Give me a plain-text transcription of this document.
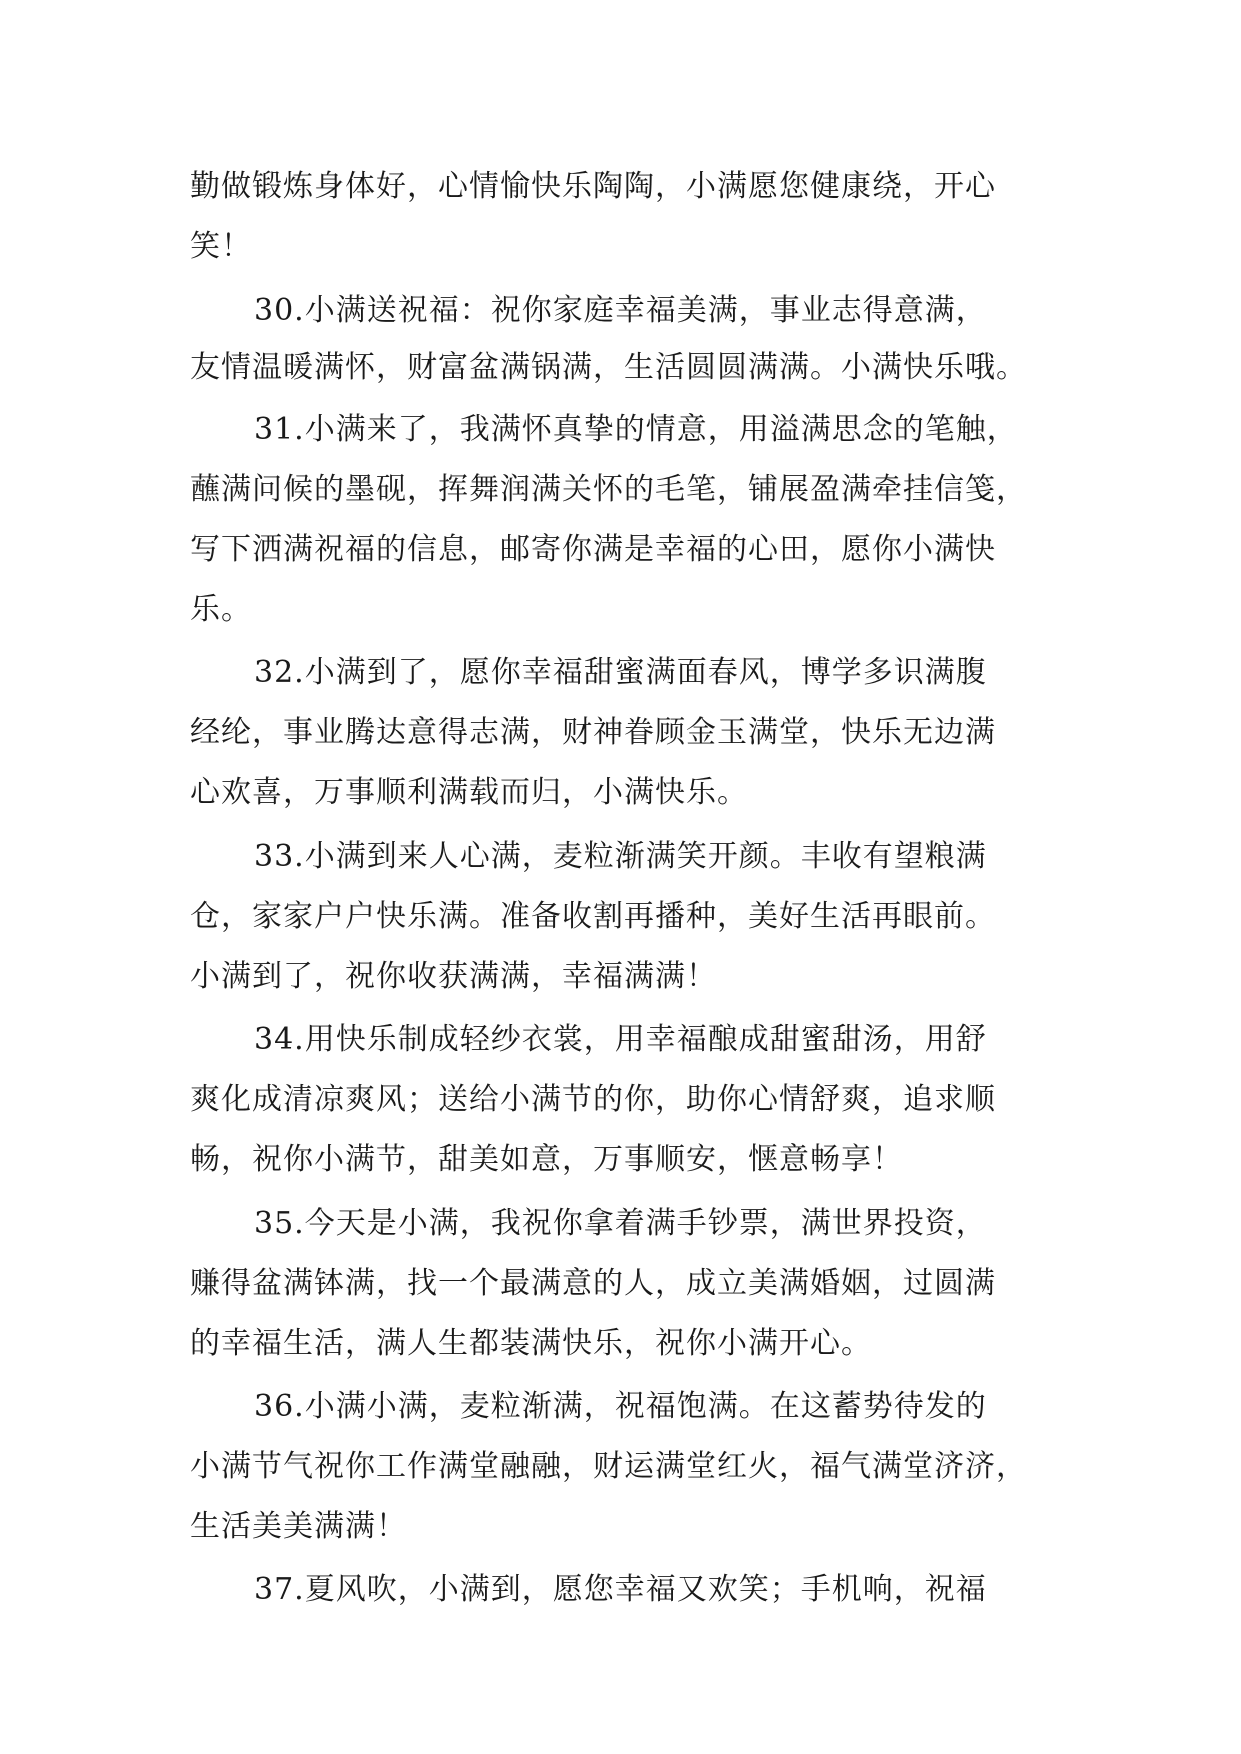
勤做锻炼身体好，心情愉快乐陶陶，小满愿您健康绕，开心
笑！
30.小满送祝福：祝你家庭幸福美满，事业志得意满，
友情温暖满怀，财富盆满锅满，生活圆圆满满。小满快乐哦。
31.小满来了，我满怀真挚的情意，用溢满思念的笔触，
蘸满问候的墨砚，挥舞润满关怀的毛笔，铺展盈满牵挂信笺，
写下洒满祝福的信息，邮寄你满是幸福的心田，愿你小满快
乐。
32.小满到了，愿你幸福甜蜜满面春风，博学多识满腹
经纶，事业腾达意得志满，财神眷顾金玉满堂，快乐无边满
心欢喜，万事顺利满载而归，小满快乐。
33.小满到来人心满，麦粒渐满笑开颜。丰收有望粮满
仓，家家户户快乐满。准备收割再播种，美好生活再眼前。
小满到了，祝你收获满满，幸福满满！
34.用快乐制成轻纱衣裳，用幸福酿成甜蜜甜汤，用舒
爽化成清凉爽风；送给小满节的你，助你心情舒爽，追求顺
畅，祝你小满节，甜美如意，万事顺安，惬意畅享！
35.今天是小满，我祝你拿着满手钞票，满世界投资，
赚得盆满钵满，找一个最满意的人，成立美满婚姻，过圆满
的幸福生活，满人生都装满快乐，祝你小满开心。
36.小满小满，麦粒渐满，祝福饱满。在这蓄势待发的
小满节气祝你工作满堂融融，财运满堂红火，福气满堂济济，
生活美美满满！
37.夏风吹，小满到，愿您幸福又欢笑；手机响，祝福
